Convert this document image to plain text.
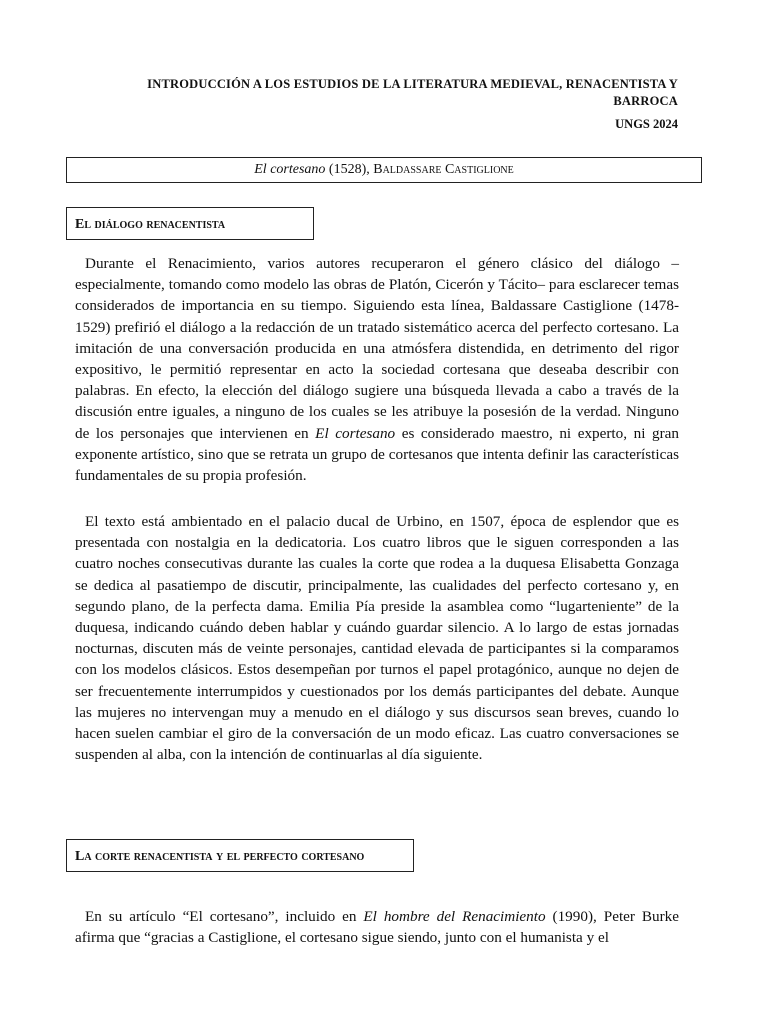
INTRODUCCIÓN A LOS ESTUDIOS DE LA LITERATURA MEDIEVAL, RENACENTISTA Y BARROCA
UNGS 2024
El cortesano (1528), Baldassare Castiglione
El diálogo renacentista

Durante el Renacimiento, varios autores recuperaron el género clásico del diálogo –especialmente, tomando como modelo las obras de Platón, Cicerón y Tácito– para esclarecer temas considerados de importancia en su tiempo. Siguiendo esta línea, Baldassare Castiglione (1478-1529) prefirió el diálogo a la redacción de un tratado sistemático acerca del perfecto cortesano. La imitación de una conversación producida en una atmósfera distendida, en detrimento del rigor expositivo, le permitió representar en acto la sociedad cortesana que deseaba describir con palabras. En efecto, la elección del diálogo sugiere una búsqueda llevada a cabo a través de la discusión entre iguales, a ninguno de los cuales se les atribuye la posesión de la verdad. Ninguno de los personajes que intervienen en El cortesano es considerado maestro, ni experto, ni gran exponente artístico, sino que se retrata un grupo de cortesanos que intenta definir las características fundamentales de su propia profesión.

El texto está ambientado en el palacio ducal de Urbino, en 1507, época de esplendor que es presentada con nostalgia en la dedicatoria. Los cuatro libros que le siguen corresponden a las cuatro noches consecutivas durante las cuales la corte que rodea a la duquesa Elisabetta Gonzaga se dedica al pasatiempo de discutir, principalmente, las cualidades del perfecto cortesano y, en segundo plano, de la perfecta dama. Emilia Pía preside la asamblea como “lugarteniente” de la duquesa, indicando cuándo deben hablar y cuándo guardar silencio. A lo largo de estas jornadas nocturnas, discuten más de veinte personajes, cantidad elevada de participantes si la comparamos con los modelos clásicos. Estos desempeñan por turnos el papel protagónico, aunque no dejen de ser frecuentemente interrumpidos y cuestionados por los demás participantes del debate. Aunque las mujeres no intervengan muy a menudo en el diálogo y sus discursos sean breves, cuando lo hacen suelen cambiar el giro de la conversación de un modo eficaz. Las cuatro conversaciones se suspenden al alba, con la intención de continuarlas al día siguiente.

La corte renacentista y el perfecto cortesano

En su artículo “El cortesano”, incluido en El hombre del Renacimiento (1990), Peter Burke afirma que “gracias a Castiglione, el cortesano sigue siendo, junto con el humanista y el
